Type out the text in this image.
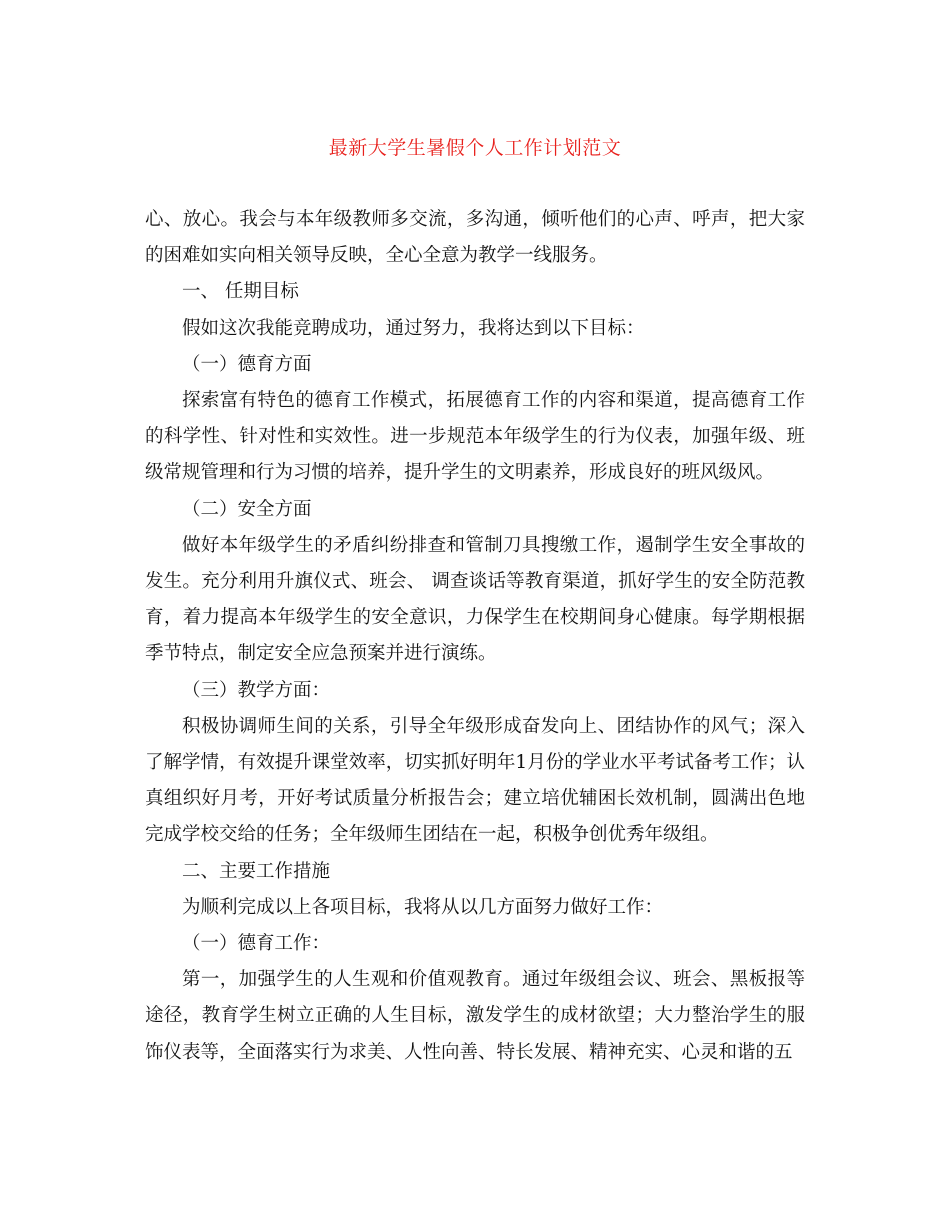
最新大学生暑假个人工作计划范文

心、放心。我会与本年级教师多交流，多沟通，倾听他们的心声、呼声，把大家的困难如实向相关领导反映，全心全意为教学一线服务。

一、 任期目标

假如这次我能竞聘成功，通过努力，我将达到以下目标：

（一）德育方面

探索富有特色的德育工作模式，拓展德育工作的内容和渠道，提高德育工作的科学性、针对性和实效性。进一步规范本年级学生的行为仪表，加强年级、班级常规管理和行为习惯的培养，提升学生的文明素养，形成良好的班风级风。

（二）安全方面

做好本年级学生的矛盾纠纷排查和管制刀具搜缴工作，遏制学生安全事故的发生。充分利用升旗仪式、班会、 调查谈话等教育渠道，抓好学生的安全防范教育，着力提高本年级学生的安全意识，力保学生在校期间身心健康。每学期根据季节特点，制定安全应急预案并进行演练。

（三）教学方面：

积极协调师生间的关系，引导全年级形成奋发向上、团结协作的风气；深入了解学情，有效提升课堂效率，切实抓好明年1月份的学业水平考试备考工作；认真组织好月考，开好考试质量分析报告会；建立培优辅困长效机制，圆满出色地完成学校交给的任务；全年级师生团结在一起，积极争创优秀年级组。

二、主要工作措施

为顺利完成以上各项目标，我将从以几方面努力做好工作：

（一）德育工作：

第一，加强学生的人生观和价值观教育。通过年级组会议、班会、黑板报等途径，教育学生树立正确的人生目标，激发学生的成材欲望；大力整治学生的服饰仪表等，全面落实行为求美、人性向善、特长发展、精神充实、心灵和谐的五
